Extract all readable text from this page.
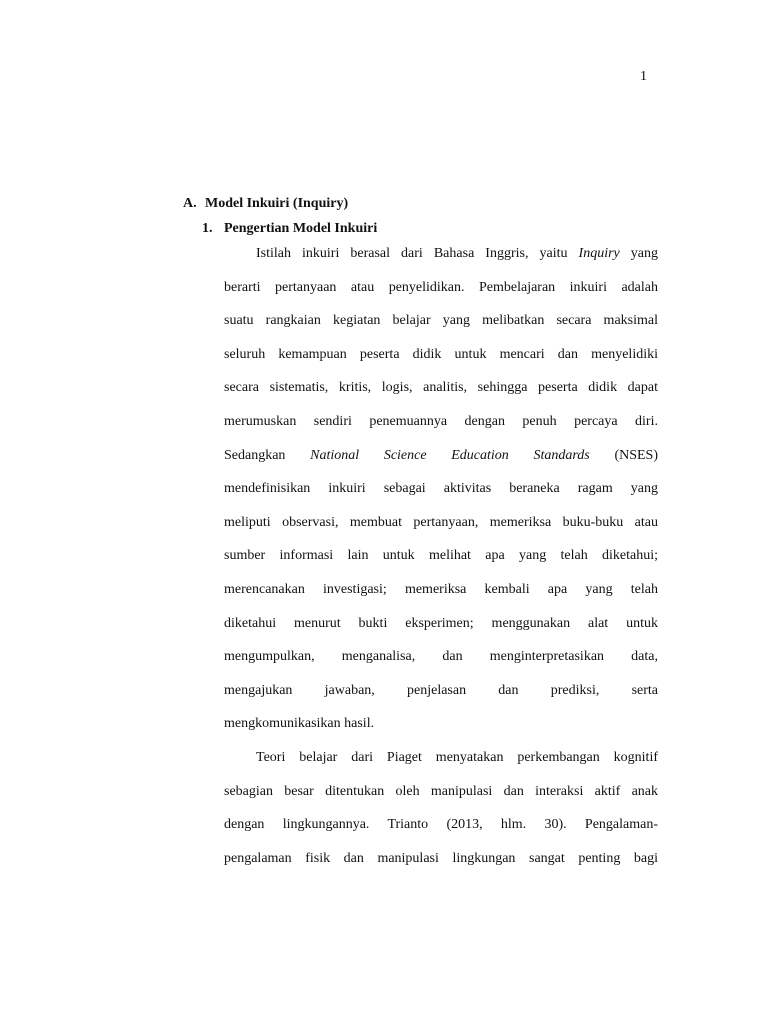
1
A. Model Inkuiri (Inquiry)
1. Pengertian Model Inkuiri
Istilah inkuiri berasal dari Bahasa Inggris, yaitu Inquiry yang
berarti pertanyaan atau penyelidikan. Pembelajaran inkuiri adalah
suatu rangkaian kegiatan belajar yang melibatkan secara maksimal
seluruh kemampuan peserta didik untuk mencari dan menyelidiki
secara sistematis, kritis, logis, analitis, sehingga peserta didik dapat
merumuskan sendiri penemuannya dengan penuh percaya diri.
Sedangkan National Science Education Standards (NSES)
mendefinisikan inkuiri sebagai aktivitas beraneka ragam yang
meliputi observasi, membuat pertanyaan, memeriksa buku-buku atau
sumber informasi lain untuk melihat apa yang telah diketahui;
merencanakan investigasi; memeriksa kembali apa yang telah
diketahui menurut bukti eksperimen; menggunakan alat untuk
mengumpulkan, menganalisa, dan menginterpretasikan data,
mengajukan jawaban, penjelasan dan prediksi, serta
mengkomunikasikan hasil.
Teori belajar dari Piaget menyatakan perkembangan kognitif
sebagian besar ditentukan oleh manipulasi dan interaksi aktif anak
dengan lingkungannya. Trianto (2013, hlm. 30). Pengalaman-
pengalaman fisik dan manipulasi lingkungan sangat penting bagi
